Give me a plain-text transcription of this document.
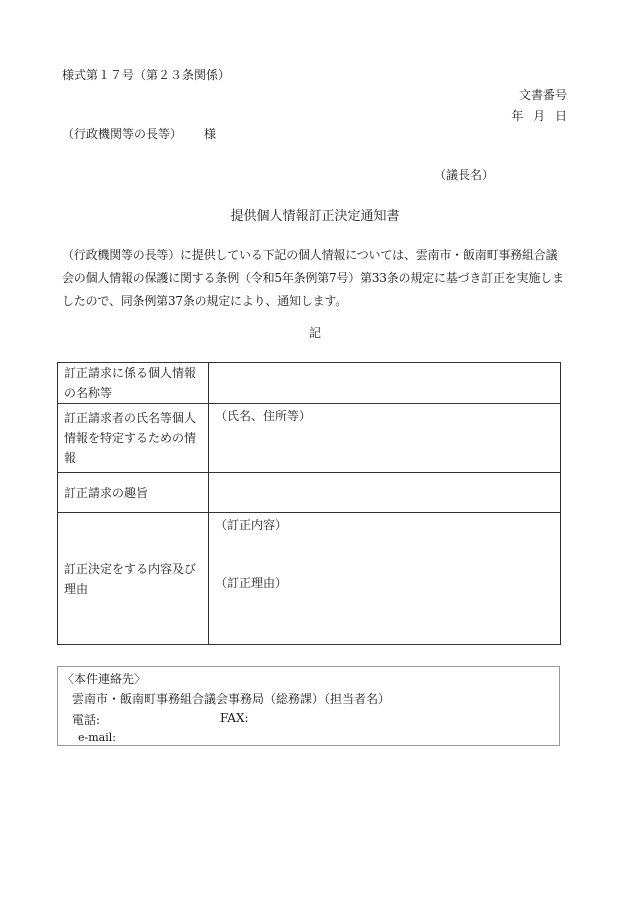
様式第１７号（第２３条関係）
文書番号
年 月 日
（行政機関等の長等） 様
（議長名）
提供個人情報訂正決定通知書
（行政機関等の長等）に提供している下記の個人情報については、雲南市・飯南町事務組合議会の個人情報の保護に関する条例（令和5年条例第7号）第33条の規定に基づき訂正を実施しましたので、同条例第37条の規定により、通知します。
記
訂正請求に係る個人情報の名称等	
訂正請求者の氏名等個人情報を特定するための情報	（氏名、住所等）
訂正請求の趣旨	
訂正決定をする内容及び理由	（訂正内容）
（訂正理由）
〈本件連絡先〉
雲南市・飯南町事務組合議会事務局（総務課）（担当者名）
電話:	FAX:
e-mail:
